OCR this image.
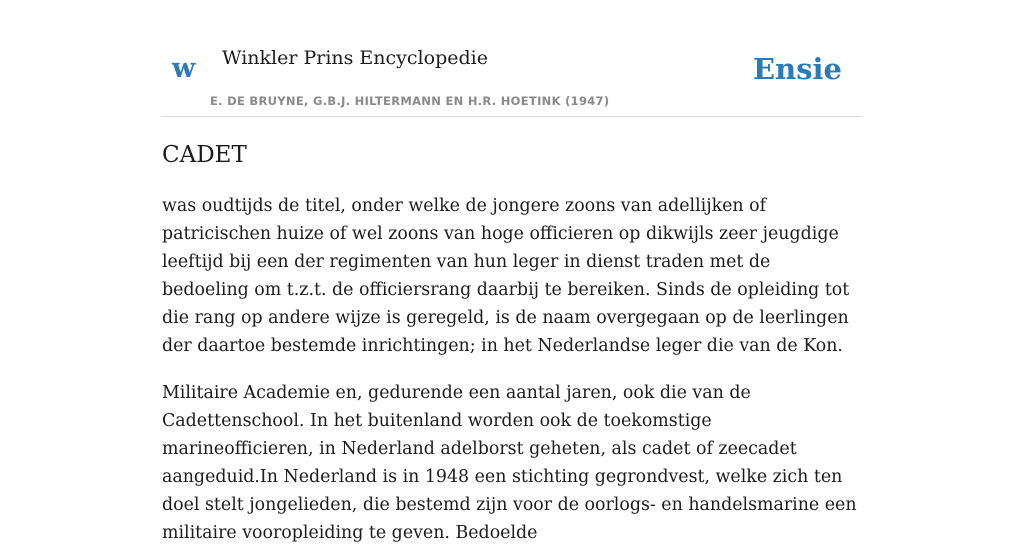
w Winkler Prins Encyclopedie
E. DE BRUYNE, G.B.J. HILTERMANN EN H.R. HOETINK (1947)
Ensie
CADET

was oudtijds de titel, onder welke de jongere zoons van adellijken of patricischen huize of wel zoons van hoge officieren op dikwijls zeer jeugdige leeftijd bij een der regimenten van hun leger in dienst traden met de bedoeling om t.z.t. de officiersrang daarbij te bereiken. Sinds de opleiding tot die rang op andere wijze is geregeld, is de naam overgegaan op de leerlingen der daartoe bestemde inrichtingen; in het Nederlandse leger die van de Kon.

Militaire Academie en, gedurende een aantal jaren, ook die van de Cadettenschool. In het buitenland worden ook de toekomstige marineofficieren, in Nederland adelborst geheten, als cadet of zeecadet aangeduid.In Nederland is in 1948 een stichting gegrondvest, welke zich ten doel stelt jongelieden, die bestemd zijn voor de oorlogs- en handelsmarine een militaire vooropleiding te geven. Bedoelde
